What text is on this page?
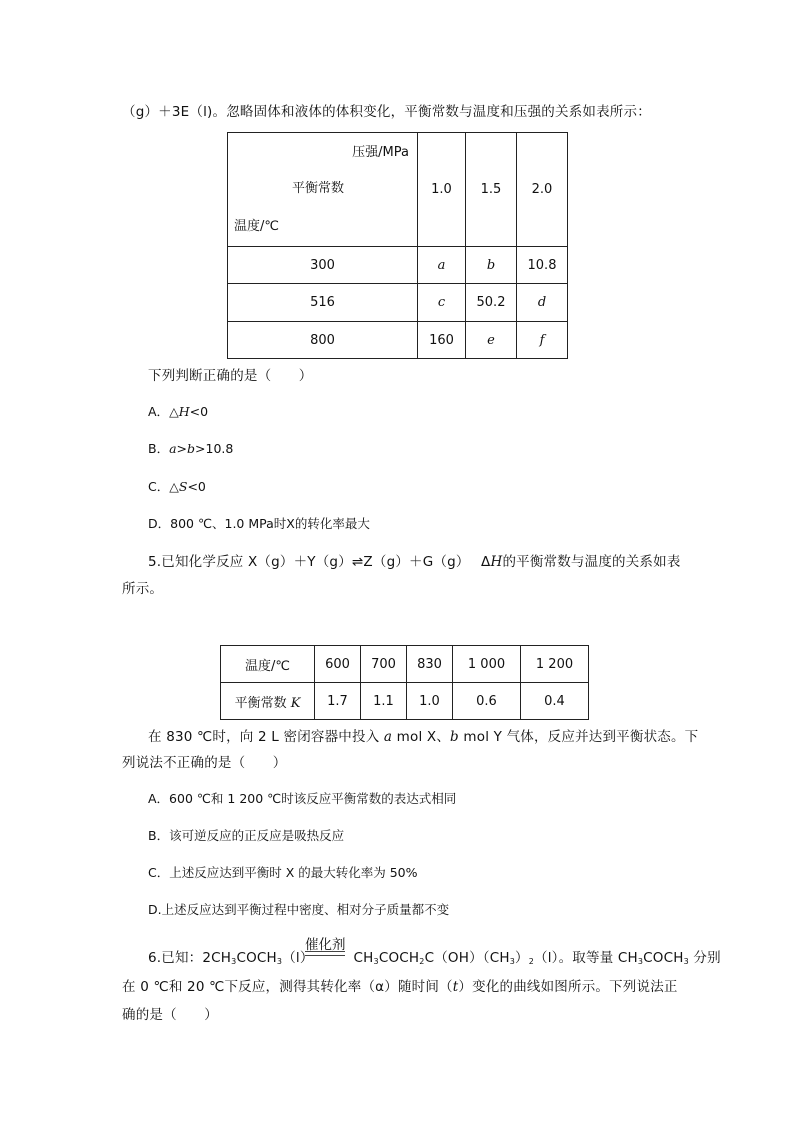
（g）＋3E（l)。忽略固体和液体的体积变化，平衡常数与温度和压强的关系如表所示：
压强/MPa
平衡常数
温度/℃	1.0	1.5	2.0
300	a	b	10.8
516	c	50.2	d
800	160	e	f
下列判断正确的是（　　）
A．△H<0
B．a>b>10.8
C．△S<0
D．800 ℃、1.0 MPa时X的转化率最大
5.已知化学反应 X（g）＋Y（g）⇌Z（g）＋G（g）　 ΔH的平衡常数与温度的关系如表
所示。
温度/℃	600	700	830	1 000	1 200
平衡常数 K	1.7	1.1	1.0	0.6	0.4
在 830 ℃时，向 2 L 密闭容器中投入 a mol X、b mol Y 气体，反应并达到平衡状态。下
列说法不正确的是（　　）
A．600 ℃和 1 200 ℃时该反应平衡常数的表达式相同
B．该可逆反应的正反应是吸热反应
C．上述反应达到平衡时 X 的最大转化率为 50%
D.上述反应达到平衡过程中密度、相对分子质量都不变
催化剂
6.已知：$2CH_3COCH_3(l)$	$CH_3COCH_2C(OH)(CH_3)_2(l)$。取等量 $CH_3COCH_3$ 分别
在 0 ℃和 20 ℃下反应，测得其转化率（α）随时间（t）变化的曲线如图所示。下列说法正
确的是（　　）
